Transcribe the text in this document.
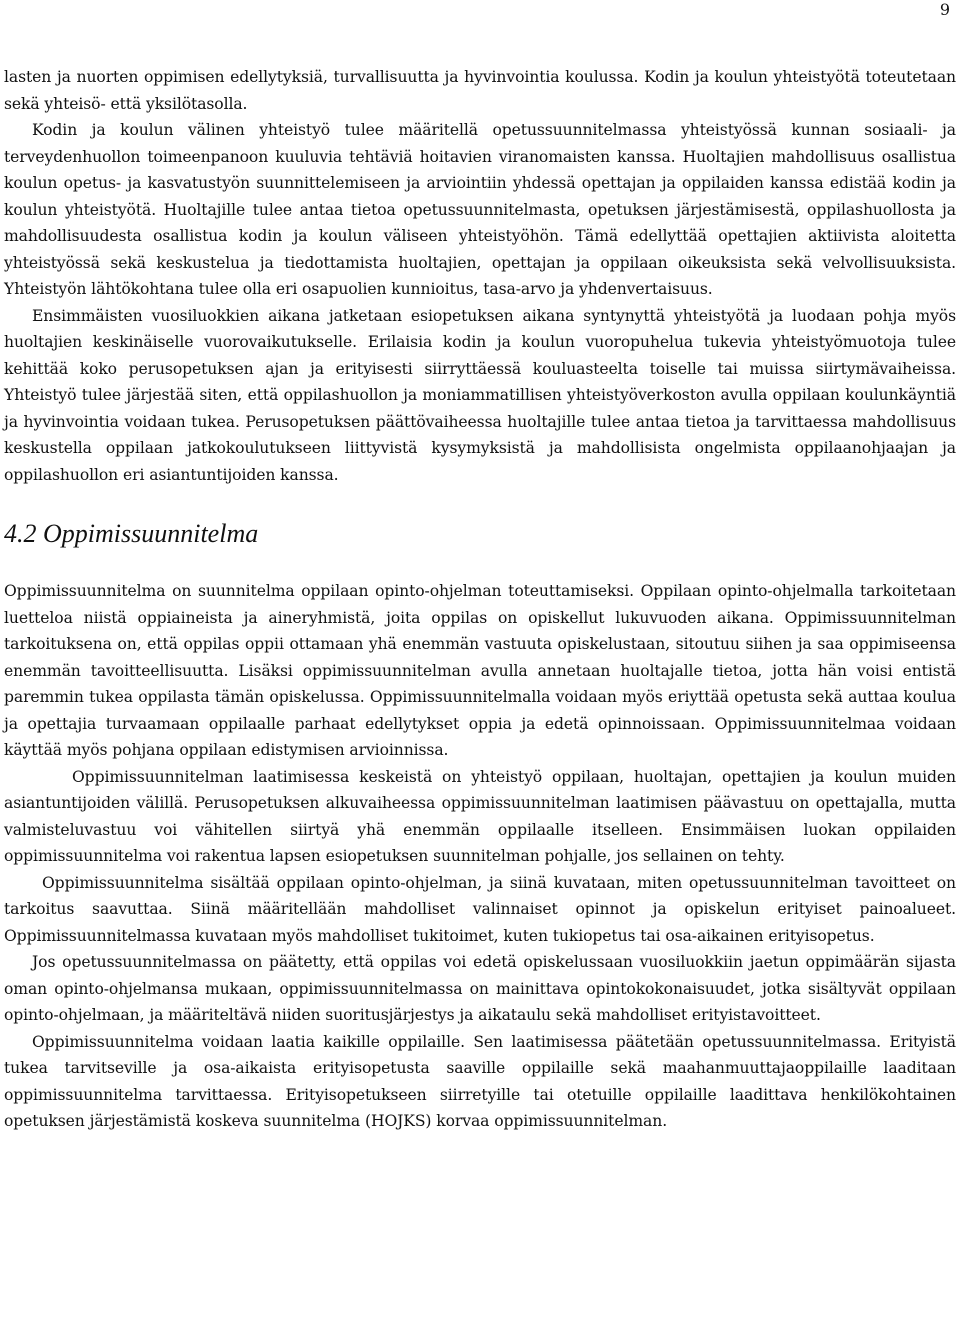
9

lasten ja nuorten oppimisen edellytyksiä, turvallisuutta ja hyvinvointia koulussa. Kodin ja koulun yhteistyötä toteutetaan sekä yhteisö- että yksilötasolla.

Kodin ja koulun välinen yhteistyö tulee määritellä opetussuunnitelmassa yhteistyössä kunnan sosiaali- ja terveydenhuollon toimeenpanoon kuuluvia tehtäviä hoitavien viranomaisten kanssa. Huoltajien mahdollisuus osallistua koulun opetus- ja kasvatustyön suunnittelemiseen ja arviointiin yhdessä opettajan ja oppilaiden kanssa edistää kodin ja koulun yhteistyötä. Huoltajille tulee antaa tietoa opetussuunnitelmasta, opetuksen järjestämisestä, oppilashuollosta ja mahdollisuudesta osallistua kodin ja koulun väliseen yhteistyöhön. Tämä edellyttää opettajien aktiivista aloitetta yhteistyössä sekä keskustelua ja tiedottamista huoltajien, opettajan ja oppilaan oikeuksista sekä velvollisuuksista. Yhteistyön lähtökohtana tulee olla eri osapuolien kunnioitus, tasa-arvo ja yhdenvertaisuus.

Ensimmäisten vuosiluokkien aikana jatketaan esiopetuksen aikana syntynyttä yhteistyötä ja luodaan pohja myös huoltajien keskinäiselle vuorovaikutukselle. Erilaisia kodin ja koulun vuoropuhelua tukevia yhteistyömuotoja tulee kehittää koko perusopetuksen ajan ja erityisesti siirryttäessä kouluasteelta toiselle tai muissa siirtymävaiheissa. Yhteistyö tulee järjestää siten, että oppilashuollon ja moniammatillisen yhteistyöverkoston avulla oppilaan koulunkäyntiä ja hyvinvointia voidaan tukea. Perusopetuksen päättövaiheessa huoltajille tulee antaa tietoa ja tarvittaessa mahdollisuus keskustella oppilaan jatkokoulutukseen liittyvistä kysymyksistä ja mahdollisista ongelmista oppilaanohjaajan ja oppilashuollon eri asiantuntijoiden kanssa.

4.2 Oppimissuunnitelma

Oppimissuunnitelma on suunnitelma oppilaan opinto-ohjelman toteuttamiseksi. Oppilaan opinto-ohjelmalla tarkoitetaan luetteloa niistä oppiaineista ja aineryhmistä, joita oppilas on opiskellut lukuvuoden aikana. Oppimissuunnitelman tarkoituksena on, että oppilas oppii ottamaan yhä enemmän vastuuta opiskelustaan, sitoutuu siihen ja saa oppimiseensa enemmän tavoitteellisuutta. Lisäksi oppimissuunnitelman avulla annetaan huoltajalle tietoa, jotta hän voisi entistä paremmin tukea oppilasta tämän opiskelussa. Oppimissuunnitelmalla voidaan myös eriyttää opetusta sekä auttaa koulua ja opettajia turvaamaan oppilaalle parhaat edellytykset oppia ja edetä opinnoissaan. Oppimissuunnitelmaa voidaan käyttää myös pohjana oppilaan edistymisen arvioinnissa.

Oppimissuunnitelman laatimisessa keskeistä on yhteistyö oppilaan, huoltajan, opettajien ja koulun muiden asiantuntijoiden välillä. Perusopetuksen alkuvaiheessa oppimissuunnitelman laatimisen päävastuu on opettajalla, mutta valmisteluvastuu voi vähitellen siirtyä yhä enemmän oppilaalle itselleen. Ensimmäisen luokan oppilaiden oppimissuunnitelma voi rakentua lapsen esiopetuksen suunnitelman pohjalle, jos sellainen on tehty.

Oppimissuunnitelma sisältää oppilaan opinto-ohjelman, ja siinä kuvataan, miten opetussuunnitelman tavoitteet on tarkoitus saavuttaa. Siinä määritellään mahdolliset valinnaiset opinnot ja opiskelun erityiset painoalueet. Oppimissuunnitelmassa kuvataan myös mahdolliset tukitoimet, kuten tukiopetus tai osa-aikainen erityisopetus.

Jos opetussuunnitelmassa on päätetty, että oppilas voi edetä opiskelussaan vuosiluokkiin jaetun oppimäärän sijasta oman opinto-ohjelmansa mukaan, oppimissuunnitelmassa on mainittava opintokokonaisuudet, jotka sisältyvät oppilaan opinto-ohjelmaan, ja määriteltävä niiden suoritusjärjestys ja aikataulu sekä mahdolliset erityistavoitteet.

Oppimissuunnitelma voidaan laatia kaikille oppilaille. Sen laatimisessa päätetään opetussuunnitelmassa. Erityistä tukea tarvitseville ja osa-aikaista erityisopetusta saaville oppilaille sekä maahanmuuttajaoppilaille laaditaan oppimissuunnitelma tarvittaessa. Erityisopetukseen siirretyille tai otetuille oppilaille laadittava henkilökohtainen opetuksen järjestämistä koskeva suunnitelma (HOJKS) korvaa oppimissuunnitelman.
